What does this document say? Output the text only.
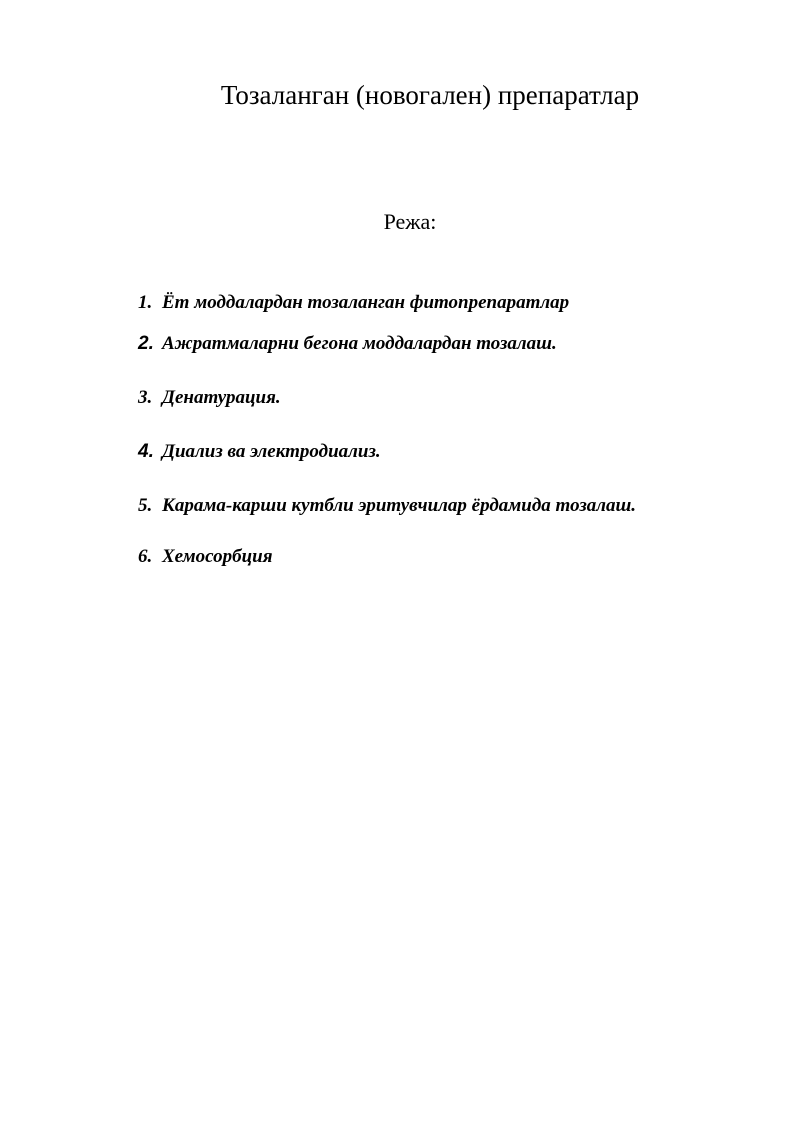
Тозаланган (новогален) препаратлар
Режа:
1. Ёт моддалардан тозаланган фитопрепаратлар
2. Ажратмаларни бегона моддалардан тозалаш.
3. Денатурация.
4. Диализ ва электродиализ.
5. Карама-карши кутбли эритувчилар ёрдамида тозалаш.
6. Хемосорбция
